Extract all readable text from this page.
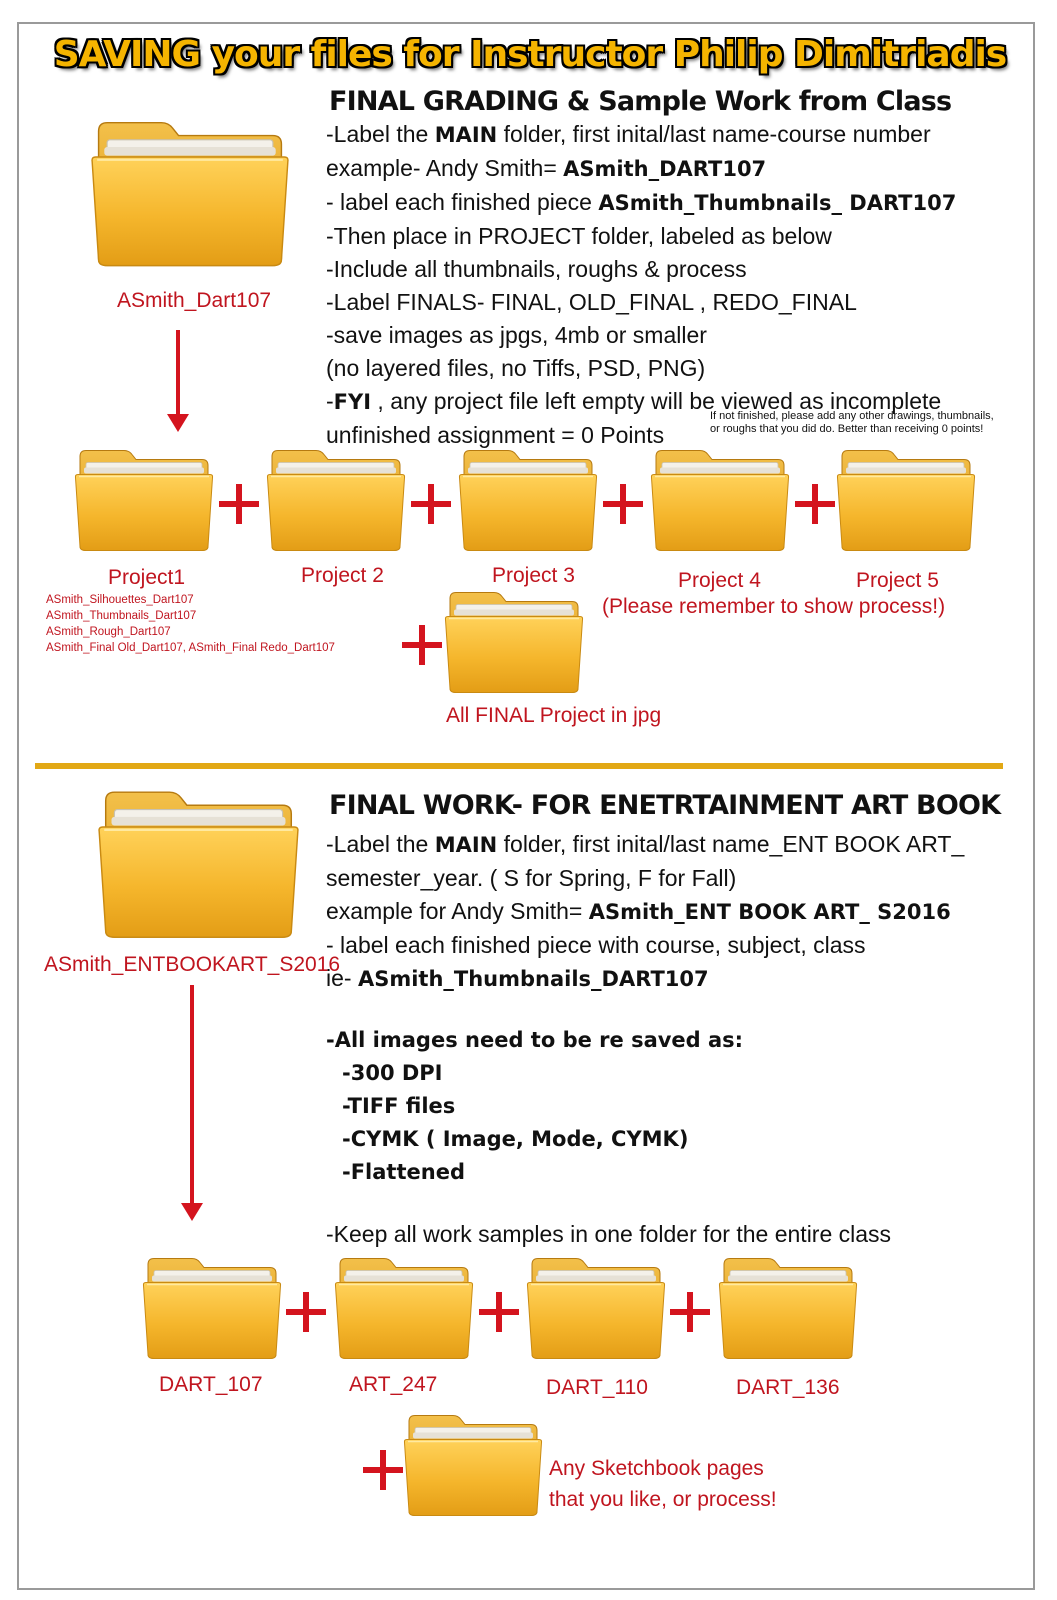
SAVING your files for Instructor Philip Dimitriadis
FINAL GRADING & Sample Work from Class
ASmith_Dart107
-Label the MAIN folder, first inital/last name-course number
example- Andy Smith= ASmith_DART107
- label each finished piece ASmith_Thumbnails_ DART107
-Then place in PROJECT folder, labeled as below
-Include all thumbnails, roughs & process
-Label FINALS- FINAL, OLD_FINAL , REDO_FINAL
-save images as jpgs, 4mb or smaller
(no layered files, no Tiffs, PSD, PNG)
-FYI , any project file left empty will be viewed as incomplete
unfinished assignment = 0 Points
If not finished, please add any other drawings, thumbnails, or roughs that you did do. Better than receiving 0 points!
Project1	Project 2	Project 3	Project 4	Project 5
ASmith_Silhouettes_Dart107
ASmith_Thumbnails_Dart107
ASmith_Rough_Dart107
ASmith_Final Old_Dart107, ASmith_Final Redo_Dart107
(Please remember to show process!)
All FINAL Project in jpg
FINAL WORK- FOR ENETRTAINMENT ART BOOK
ASmith_ENTBOOKART_S2016
-Label the MAIN folder, first inital/last name_ENT BOOK ART_
semester_year. ( S for Spring, F for Fall)
example for Andy Smith= ASmith_ENT BOOK ART_ S2016
- label each finished piece with course, subject, class
ie- ASmith_Thumbnails_DART107
-All images need to be re saved as:
-300 DPI
-TIFF files
-CYMK ( Image, Mode, CYMK)
-Flattened
-Keep all work samples in one folder for the entire class
DART_107	ART_247	DART_110	DART_136
Any Sketchbook pages
that you like, or process!
